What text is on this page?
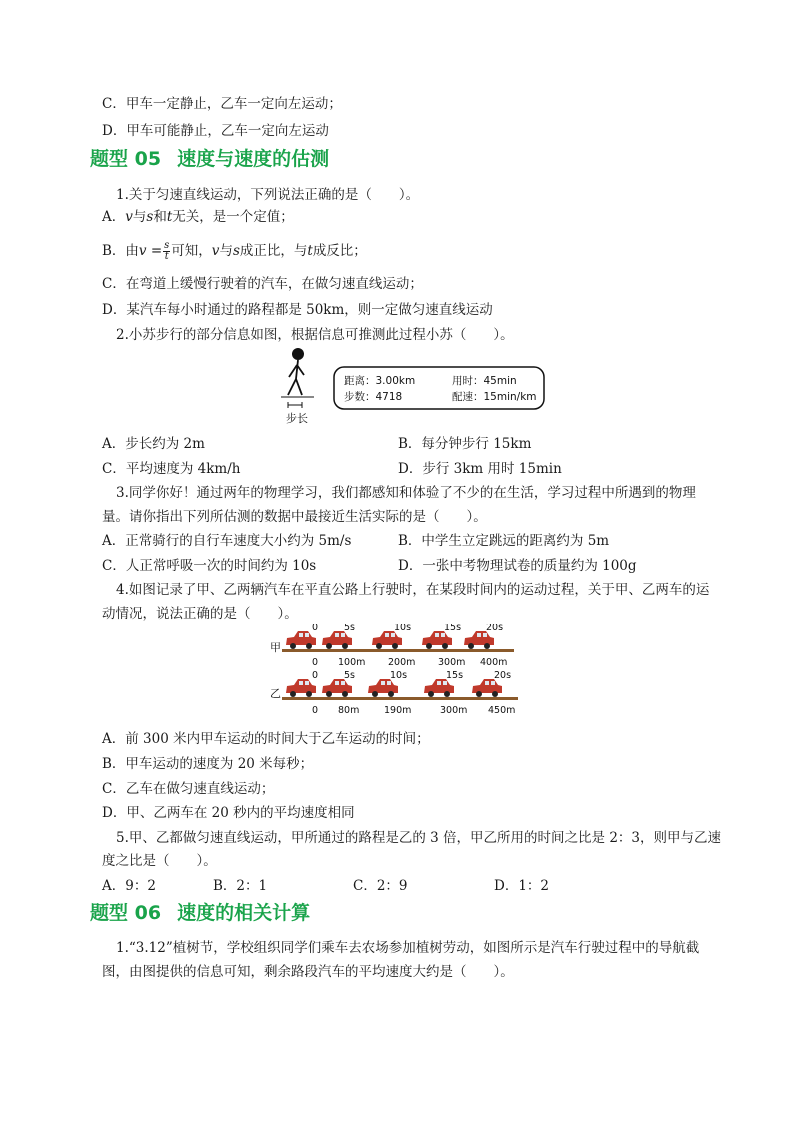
C．甲车一定静止，乙车一定向左运动；
D．甲车可能静止，乙车一定向左运动
题型 05 速度与速度的估测
1.关于匀速直线运动，下列说法正确的是（　　）。
A．v与s和t无关，是一个定值；
B．由$v = \frac{s}{t}$ 可知，v与s成正比，与t成反比；
C．在弯道上缓慢行驶着的汽车，在做匀速直线运动；
D．某汽车每小时通过的路程都是 50km，则一定做匀速直线运动
2.小苏步行的部分信息如图，根据信息可推测此过程小苏（　　）。
步长
距离：3.00km
步数：4718
用时：45min
配速：15min/km
A．步长约为 2m	B．每分钟步行 15km
C．平均速度为 4km/h	D．步行 3km 用时 15min
3.同学你好！通过两年的物理学习，我们都感知和体验了不少的在生活，学习过程中所遇到的物理
量。请你指出下列所估测的数据中最接近生活实际的是（　　）。
A．正常骑行的自行车速度大小约为 5m/s	B．中学生立定跳远的距离约为 5m
C．人正常呼吸一次的时间约为 10s	D．一张中考物理试卷的质量约为 100g
4.如图记录了甲、乙两辆汽车在平直公路上行驶时，在某段时间内的运动过程，关于甲、乙两车的运
动情况，说法正确的是（　　）。
甲
乙
0
0
5s
100m
10s
200m
15s
300m
20s
400m
0
0
5s
80m
10s
190m
15s
300m
20s
450m
A．前 300 米内甲车运动的时间大于乙车运动的时间；
B．甲车运动的速度为 20 米每秒；
C．乙车在做匀速直线运动；
D．甲、乙两车在 20 秒内的平均速度相同
5.甲、乙都做匀速直线运动，甲所通过的路程是乙的 3 倍，甲乙所用的时间之比是 2：3，则甲与乙速
度之比是（　　）。
A．9：2	B．2：1	C．2：9	D．1：2
题型 06 速度的相关计算
1.“3.12”植树节，学校组织同学们乘车去农场参加植树劳动，如图所示是汽车行驶过程中的导航截
图，由图提供的信息可知，剩余路段汽车的平均速度大约是（　　）。
